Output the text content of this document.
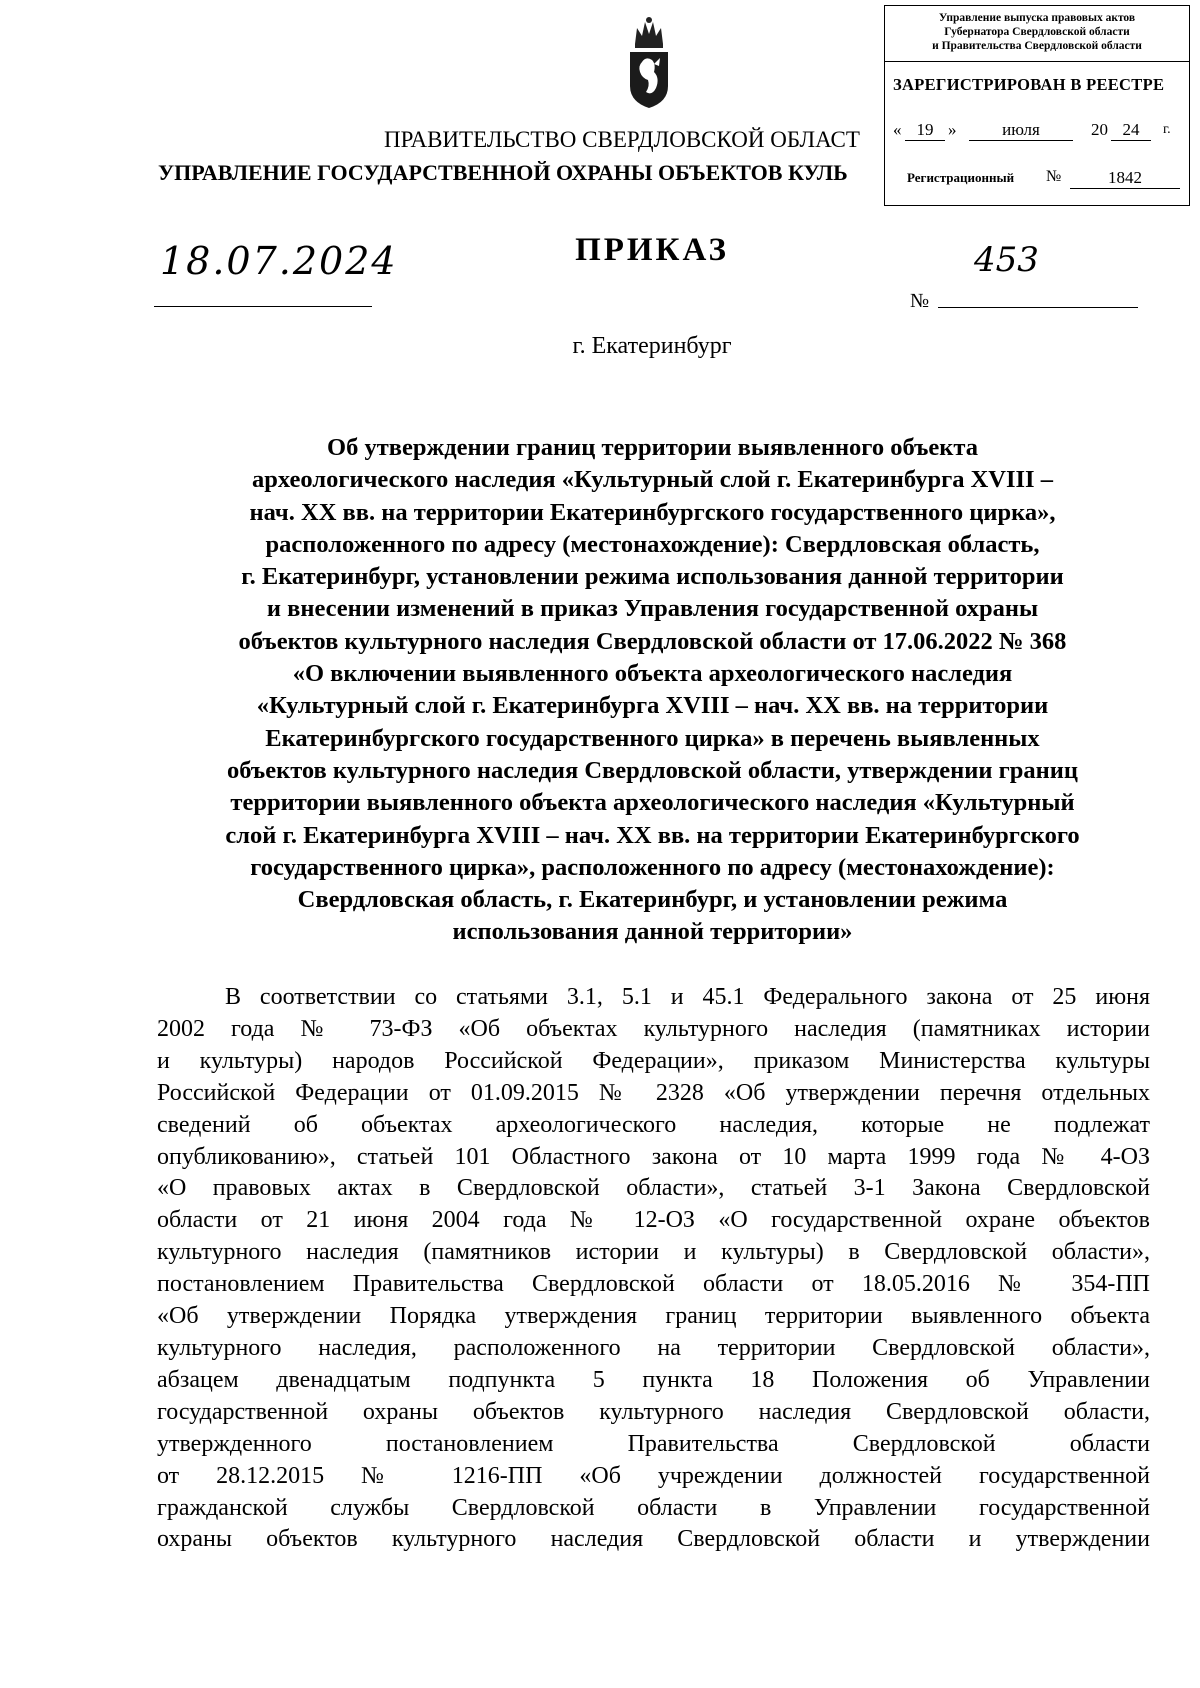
Управление выпуска правовых актов
Губернатора Свердловской области
и Правительства Свердловской области
ЗАРЕГИСТРИРОВАН В РЕЕСТРЕ
« 19 »	июля	20 24	г.
Регистрационный №	1842
ПРАВИТЕЛЬСТВО СВЕРДЛОВСКОЙ ОБЛАСТ
УПРАВЛЕНИЕ ГОСУДАРСТВЕННОЙ ОХРАНЫ ОБЪЕКТОВ КУЛЬ
ПРИКАЗ
18.07.2024
№
453
г. Екатеринбург
Об утверждении границ территории выявленного объекта
археологического наследия «Культурный слой г. Екатеринбурга XVIII –
нач. XX вв. на территории Екатеринбургского государственного цирка»,
расположенного по адресу (местонахождение): Свердловская область,
г. Екатеринбург, установлении режима использования данной территории
и внесении изменений в приказ Управления государственной охраны
объектов культурного наследия Свердловской области от 17.06.2022 № 368
«О включении выявленного объекта археологического наследия
«Культурный слой г. Екатеринбурга XVIII – нач. XX вв. на территории
Екатеринбургского государственного цирка» в перечень выявленных
объектов культурного наследия Свердловской области, утверждении границ
территории выявленного объекта археологического наследия «Культурный
слой г. Екатеринбурга XVIII – нач. XX вв. на территории Екатеринбургского
государственного цирка», расположенного по адресу (местонахождение):
Свердловская область, г. Екатеринбург, и установлении режима
использования данной территории»
В соответствии со статьями 3.1, 5.1 и 45.1 Федерального закона от 25 июня
2002 года № 73-ФЗ «Об объектах культурного наследия (памятниках истории
и культуры) народов Российской Федерации», приказом Министерства культуры
Российской Федерации от 01.09.2015 № 2328 «Об утверждении перечня отдельных
сведений об объектах археологического наследия, которые не подлежат
опубликованию», статьей 101 Областного закона от 10 марта 1999 года № 4-ОЗ
«О правовых актах в Свердловской области», статьей 3-1 Закона Свердловской
области от 21 июня 2004 года № 12-ОЗ «О государственной охране объектов
культурного наследия (памятников истории и культуры) в Свердловской области»,
постановлением Правительства Свердловской области от 18.05.2016 № 354-ПП
«Об утверждении Порядка утверждения границ территории выявленного объекта
культурного наследия, расположенного на территории Свердловской области»,
абзацем двенадцатым подпункта 5 пункта 18 Положения об Управлении
государственной охраны объектов культурного наследия Свердловской области,
утвержденного постановлением Правительства Свердловской области
от 28.12.2015 № 1216-ПП «Об учреждении должностей государственной
гражданской службы Свердловской области в Управлении государственной
охраны объектов культурного наследия Свердловской области и утверждении
